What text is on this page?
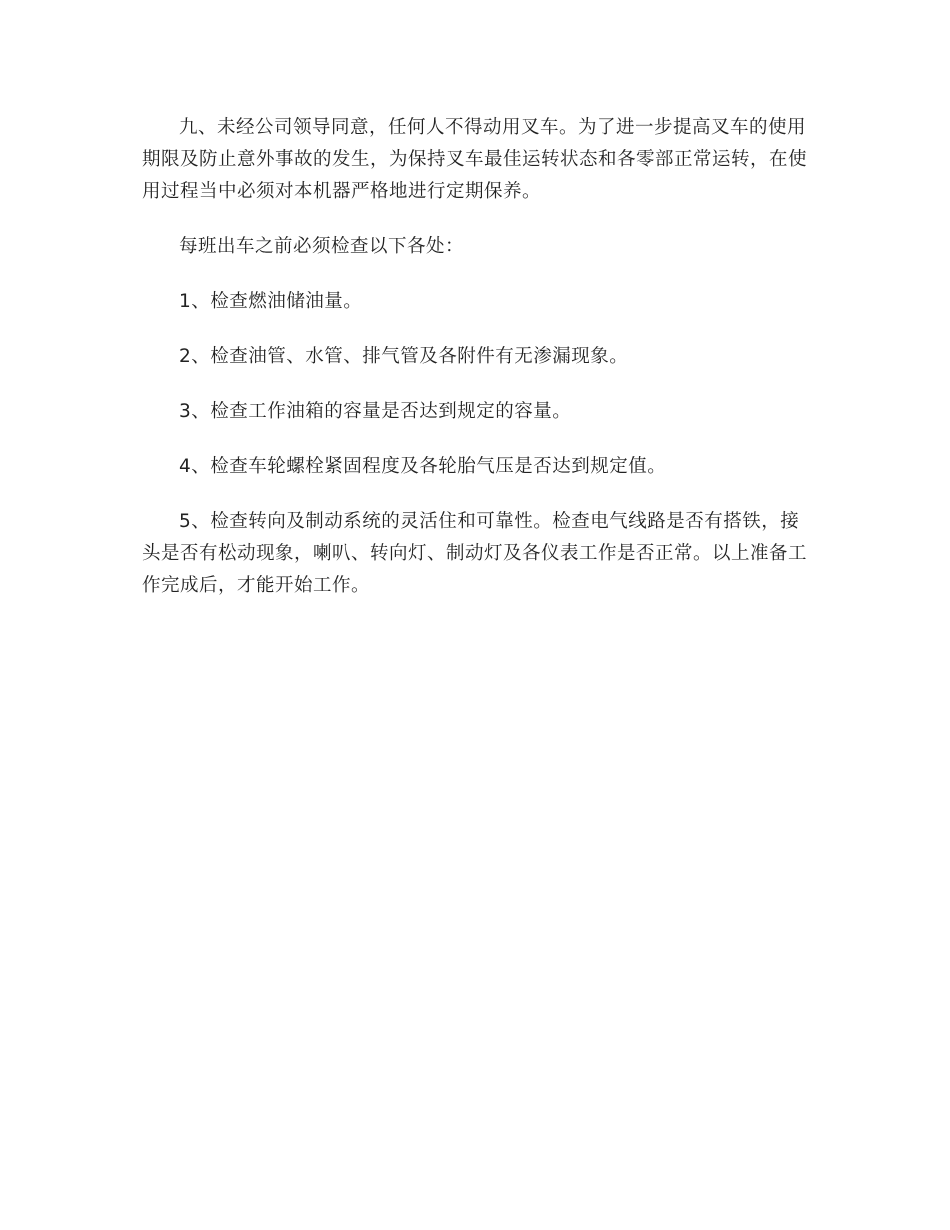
九、未经公司领导同意，任何人不得动用叉车。为了进一步提高叉车的使用期限及防止意外事故的发生，为保持叉车最佳运转状态和各零部正常运转，在使用过程当中必须对本机器严格地进行定期保养。

每班出车之前必须检查以下各处：

1、检查燃油储油量。

2、检查油管、水管、排气管及各附件有无渗漏现象。

3、检查工作油箱的容量是否达到规定的容量。

4、检查车轮螺栓紧固程度及各轮胎气压是否达到规定值。

5、检查转向及制动系统的灵活住和可靠性。检查电气线路是否有搭铁，接头是否有松动现象，喇叭、转向灯、制动灯及各仪表工作是否正常。以上准备工作完成后，才能开始工作。
